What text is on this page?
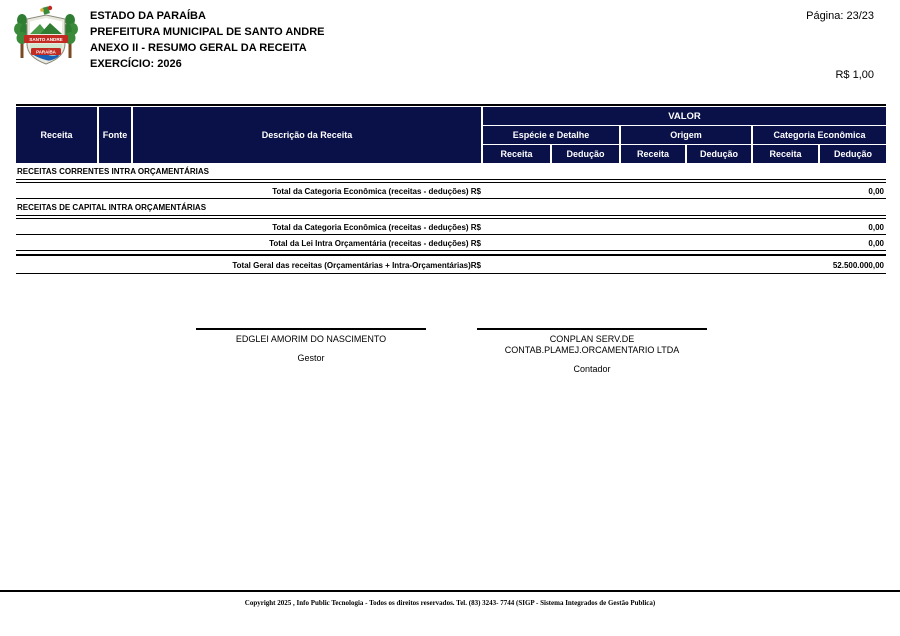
SANTO ANDRE
PARAÍBA
ESTADO DA PARAÍBA
PREFEITURA MUNICIPAL DE SANTO ANDRE
ANEXO II - RESUMO GERAL DA RECEITA
EXERCÍCIO: 2026
Página: 23/23
R$ 1,00
Receita	Fonte	Descrição da Receita
VALOR
Espécie e Detalhe	Origem	Categoria Econômica
Receita	Dedução	Receita	Dedução	Receita	Dedução
RECEITAS CORRENTES INTRA ORÇAMENTÁRIAS
Total da Categoria Econômica (receitas - deduções) R$	0,00
RECEITAS DE CAPITAL INTRA ORÇAMENTÁRIAS
Total da Categoria Econômica (receitas - deduções) R$	0,00
Total da Lei Intra Orçamentária (receitas - deduções) R$	0,00
Total Geral das receitas (Orçamentárias + Intra-Orçamentárias)R$	52.500.000,00
EDGLEI AMORIM DO NASCIMENTO
Gestor
CONPLAN SERV.DE
CONTAB.PLAMEJ.ORCAMENTARIO LTDA
Contador
Copyright 2025 , Info Public Tecnologia - Todos os direitos reservados. Tel. (83) 3243- 7744 (SIGP - Sistema Integrados de Gestão Publica)
